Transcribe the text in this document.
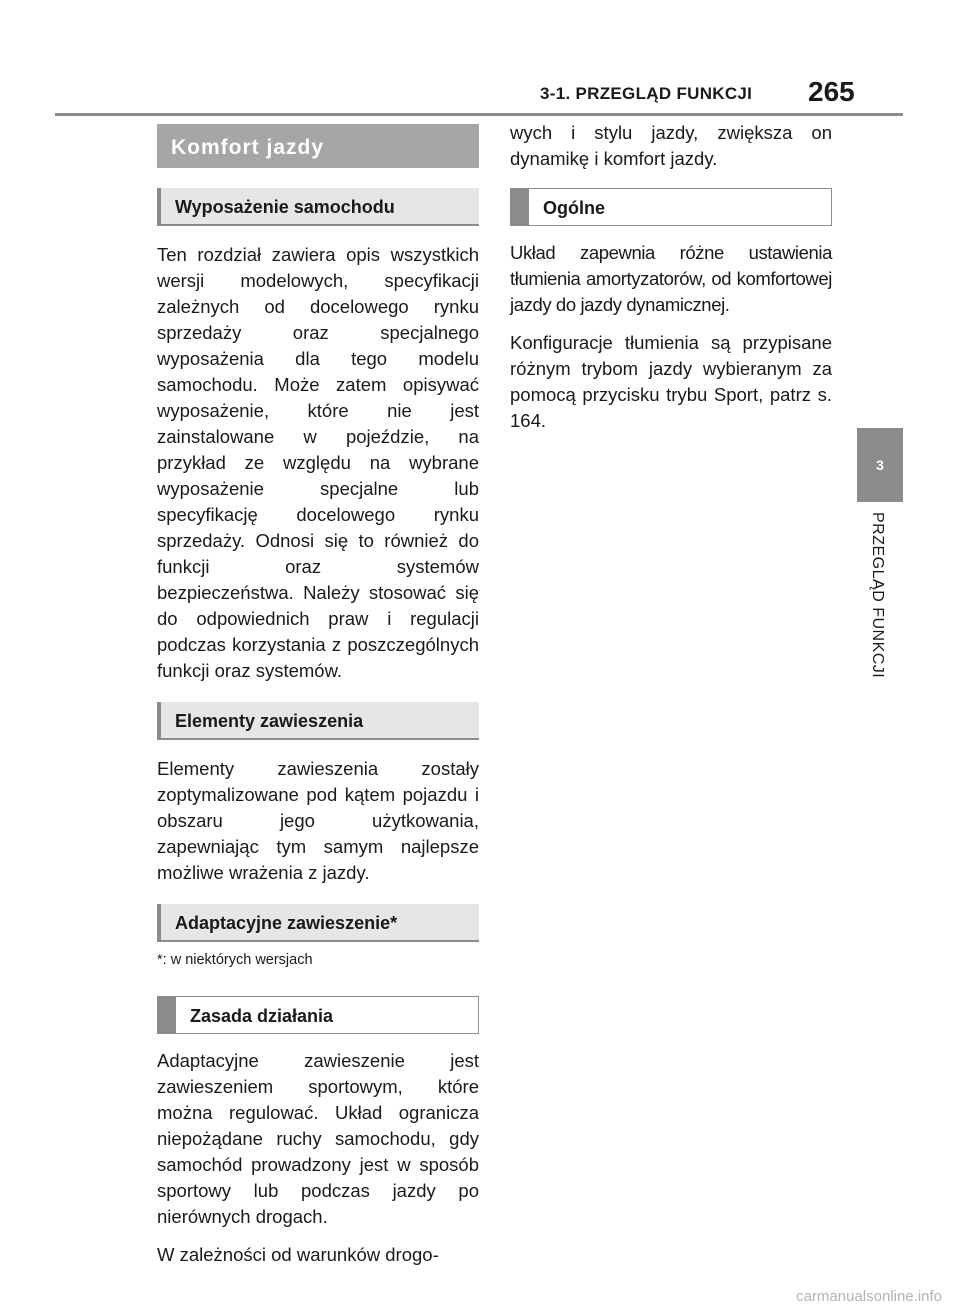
3-1. PRZEGLĄD FUNKCJI 265
3
PRZEGLĄD FUNKCJI
Komfort jazdy
Wyposażenie samochodu

Ten rozdział zawiera opis wszystkich wersji modelowych, specyfikacji zależnych od docelowego rynku sprzedaży oraz specjalnego wyposażenia dla tego modelu samochodu. Może zatem opisywać wyposażenie, które nie jest zainstalowane w pojeździe, na przykład ze względu na wybrane wyposażenie specjalne lub specyfikację docelowego rynku sprzedaży. Odnosi się to również do funkcji oraz systemów bezpieczeństwa. Należy stosować się do odpowiednich praw i regulacji podczas korzystania z poszczególnych funkcji oraz systemów.

Elementy zawieszenia

Elementy zawieszenia zostały zoptymalizowane pod kątem pojazdu i obszaru jego użytkowania, zapewniając tym samym najlepsze możliwe wrażenia z jazdy.

Adaptacyjne zawieszenie*
*: w niektórych wersjach
Zasada działania

Adaptacyjne zawieszenie jest zawieszeniem sportowym, które można regulować. Układ ogranicza niepożądane ruchy samochodu, gdy samochód prowadzony jest w sposób sportowy lub podczas jazdy po nierównych drogach.

W zależności od warunków drogo-

wych i stylu jazdy, zwiększa on dynamikę i komfort jazdy.

Ogólne

Układ zapewnia różne ustawienia tłumienia amortyzatorów, od komfortowej jazdy do jazdy dynamicznej.

Konfiguracje tłumienia są przypisane różnym trybom jazdy wybieranym za pomocą przycisku trybu Sport, patrz s. 164.

carmanualsonline.info
